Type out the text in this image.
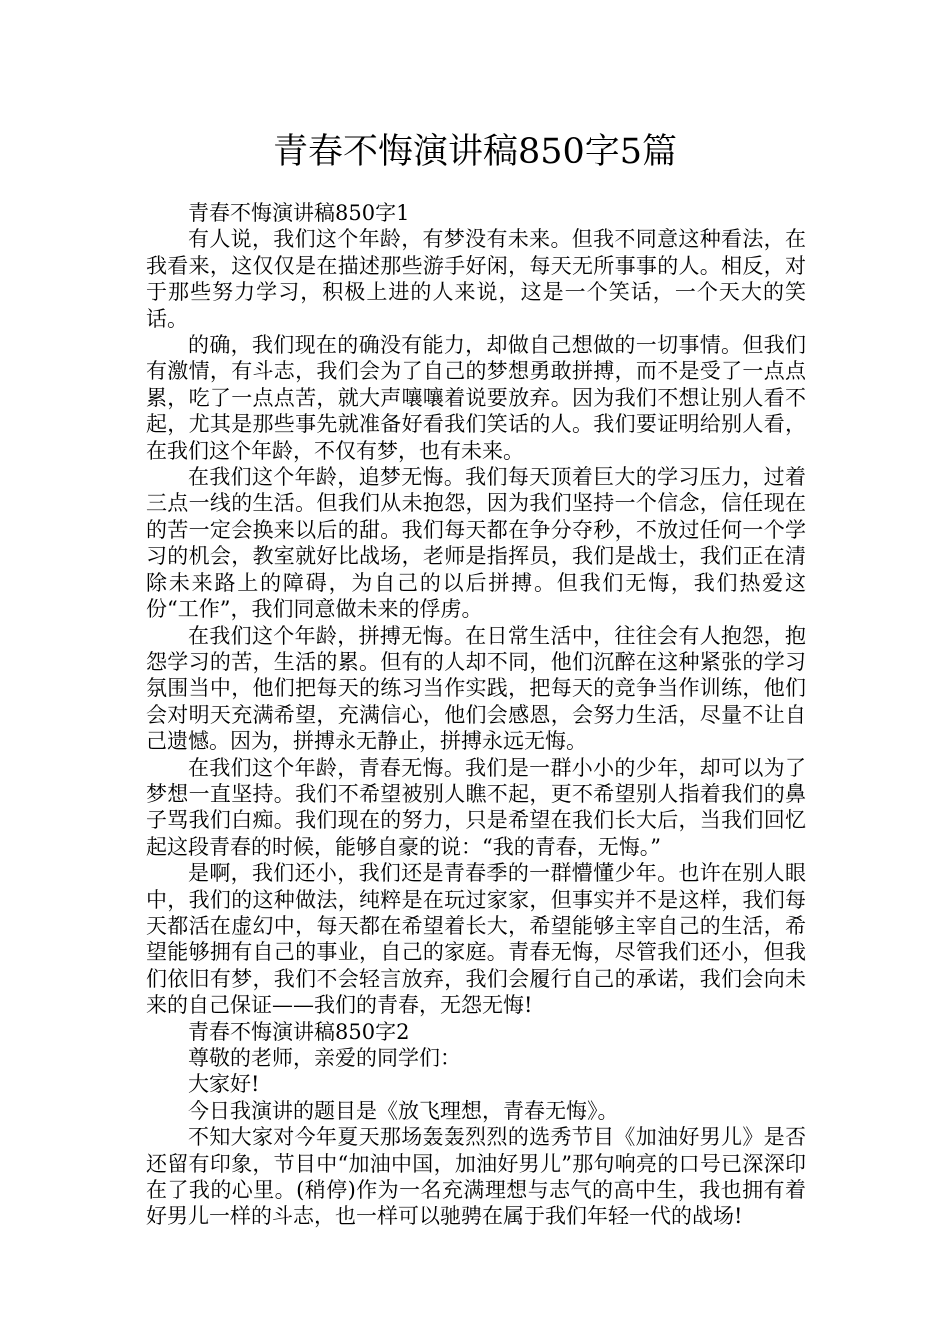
青春不悔演讲稿850字5篇

青春不悔演讲稿850字1

有人说，我们这个年龄，有梦没有未来。但我不同意这种看法，在我看来，这仅仅是在描述那些游手好闲，每天无所事事的人。相反，对于那些努力学习，积极上进的人来说，这是一个笑话，一个天大的笑话。

的确，我们现在的确没有能力，却做自己想做的一切事情。但我们有激情，有斗志，我们会为了自己的梦想勇敢拼搏，而不是受了一点点累，吃了一点点苦，就大声嚷嚷着说要放弃。因为我们不想让别人看不起，尤其是那些事先就准备好看我们笑话的人。我们要证明给别人看，在我们这个年龄，不仅有梦，也有未来。

在我们这个年龄，追梦无悔。我们每天顶着巨大的学习压力，过着三点一线的生活。但我们从未抱怨，因为我们坚持一个信念，信任现在的苦一定会换来以后的甜。我们每天都在争分夺秒，不放过任何一个学习的机会，教室就好比战场，老师是指挥员，我们是战士，我们正在清除未来路上的障碍，为自己的以后拼搏。但我们无悔，我们热爱这份“工作”，我们同意做未来的俘虏。

在我们这个年龄，拼搏无悔。在日常生活中，往往会有人抱怨，抱怨学习的苦，生活的累。但有的人却不同，他们沉醉在这种紧张的学习氛围当中，他们把每天的练习当作实践，把每天的竞争当作训练，他们会对明天充满希望，充满信心，他们会感恩，会努力生活，尽量不让自己遗憾。因为，拼搏永无静止，拼搏永远无悔。

在我们这个年龄，青春无悔。我们是一群小小的少年，却可以为了梦想一直坚持。我们不希望被别人瞧不起，更不希望别人指着我们的鼻子骂我们白痴。我们现在的努力，只是希望在我们长大后，当我们回忆起这段青春的时候，能够自豪的说：“我的青春，无悔。”

是啊，我们还小，我们还是青春季的一群懵懂少年。也许在别人眼中，我们的这种做法，纯粹是在玩过家家，但事实并不是这样，我们每天都活在虚幻中，每天都在希望着长大，希望能够主宰自己的生活，希望能够拥有自己的事业，自己的家庭。青春无悔，尽管我们还小，但我们依旧有梦，我们不会轻言放弃，我们会履行自己的承诺，我们会向未来的自己保证——我们的青春，无怨无悔!

青春不悔演讲稿850字2

尊敬的老师，亲爱的同学们：

大家好!

今日我演讲的题目是《放飞理想，青春无悔》。

不知大家对今年夏天那场轰轰烈烈的选秀节目《加油好男儿》是否还留有印象，节目中“加油中国，加油好男儿”那句响亮的口号已深深印在了我的心里。(稍停)作为一名充满理想与志气的高中生，我也拥有着好男儿一样的斗志，也一样可以驰骋在属于我们年轻一代的战场!
